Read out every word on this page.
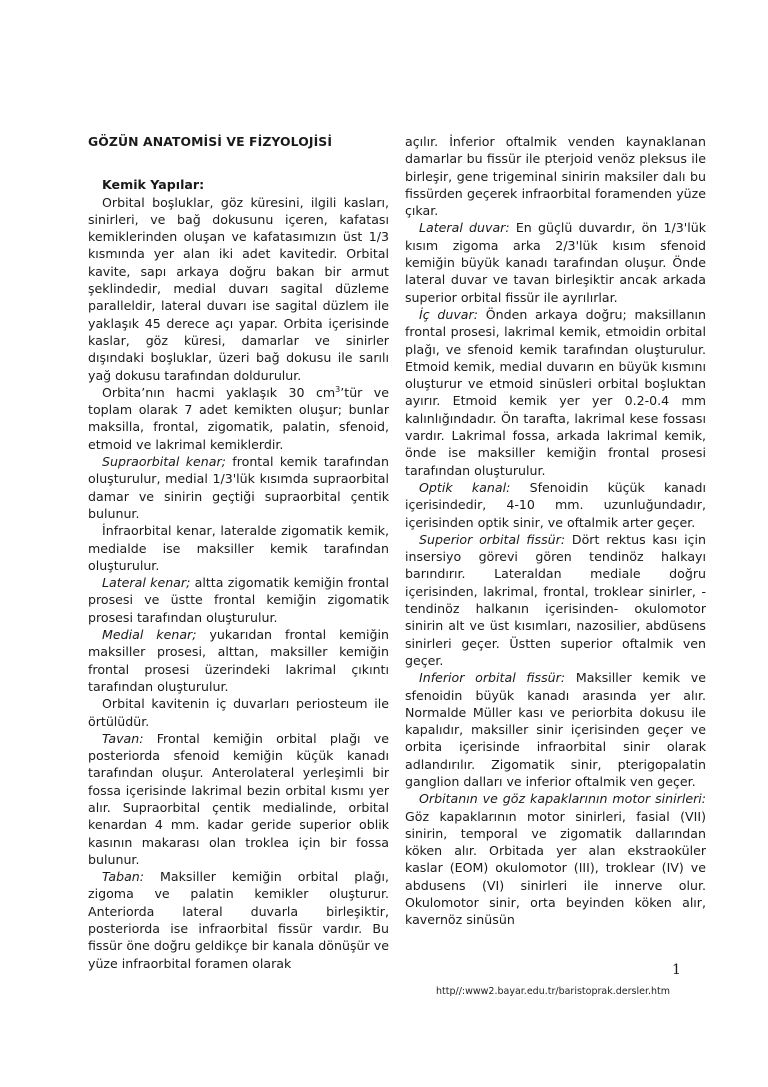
GÖZÜN ANATOMİSİ VE FİZYOLOJİSİ

Kemik Yapılar:

Orbital boşluklar, göz küresini, ilgili kasları, sinirleri, ve bağ dokusunu içeren, kafatası kemiklerinden oluşan ve kafatasımızın üst 1/3 kısmında yer alan iki adet kavitedir. Orbital kavite, sapı arkaya doğru bakan bir armut şeklindedir, medial duvarı sagital düzleme paralleldir, lateral duvarı ise sagital düzlem ile yaklaşık 45 derece açı yapar. Orbita içerisinde kaslar, göz küresi, damarlar ve sinirler dışındaki boşluklar, üzeri bağ dokusu ile sarılı yağ dokusu tarafından doldurulur.

Orbita’nın hacmi yaklaşık 30 $cm^3’tür$ ve toplam olarak 7 adet kemikten oluşur; bunlar maksilla, frontal, zigomatik, palatin, sfenoid, etmoid ve lakrimal kemiklerdir.

Supraorbital kenar; frontal kemik tarafından oluşturulur, medial 1/3'lük kısımda supraorbital damar ve sinirin geçtiği supraorbital çentik bulunur.

İnfraorbital kenar, lateralde zigomatik kemik, medialde ise maksiller kemik tarafından oluşturulur.

Lateral kenar; altta zigomatik kemiğin frontal prosesi ve üstte frontal kemiğin zigomatik prosesi tarafından oluşturulur.

Medial kenar; yukarıdan frontal kemiğin maksiller prosesi, alttan, maksiller kemiğin frontal prosesi üzerindeki lakrimal çıkıntı tarafından oluşturulur.

Orbital kavitenin iç duvarları periosteum ile örtülüdür.

Tavan: Frontal kemiğin orbital plağı ve posteriorda sfenoid kemiğin küçük kanadı tarafından oluşur. Anterolateral yerleşimli bir fossa içerisinde lakrimal bezin orbital kısmı yer alır. Supraorbital çentik medialinde, orbital kenardan 4 mm. kadar geride superior oblik kasının makarası olan troklea için bir fossa bulunur.

Taban: Maksiller kemiğin orbital plağı, zigoma ve palatin kemikler oluşturur. Anteriorda lateral duvarla birleşiktir, posteriorda ise infraorbital fissür vardır. Bu fissür öne doğru geldikçe bir kanala dönüşür ve yüze infraorbital foramen olarak

açılır. İnferior oftalmik venden kaynaklanan damarlar bu fissür ile pterjoid venöz pleksus ile birleşir, gene trigeminal sinirin maksiler dalı bu fissürden geçerek infraorbital foramenden yüze çıkar.

Lateral duvar: En güçlü duvardır, ön 1/3'lük kısım zigoma arka 2/3'lük kısım sfenoid kemiğin büyük kanadı tarafından oluşur. Önde lateral duvar ve tavan birleşiktir ancak arkada superior orbital fissür ile ayrılırlar.

İç duvar: Önden arkaya doğru; maksillanın frontal prosesi, lakrimal kemik, etmoidin orbital plağı, ve sfenoid kemik tarafından oluşturulur. Etmoid kemik, medial duvarın en büyük kısmını oluşturur ve etmoid sinüsleri orbital boşluktan ayırır. Etmoid kemik yer yer 0.2-0.4 mm kalınlığındadır. Ön tarafta, lakrimal kese fossası vardır. Lakrimal fossa, arkada lakrimal kemik, önde ise maksiller kemiğin frontal prosesi tarafından oluşturulur.

Optik kanal: Sfenoidin küçük kanadı içerisindedir, 4-10 mm. uzunluğundadır, içerisinden optik sinir, ve oftalmik arter geçer.

Superior orbital fissür: Dört rektus kası için insersiyo görevi gören tendinöz halkayı barındırır. Lateraldan mediale doğru içerisinden, lakrimal, frontal, troklear sinirler, -tendinöz halkanın içerisinden- okulomotor sinirin alt ve üst kısımları, nazosilier, abdüsens sinirleri geçer. Üstten superior oftalmik ven geçer.

Inferior orbital fissür: Maksiller kemik ve sfenoidin büyük kanadı arasında yer alır. Normalde Müller kası ve periorbita dokusu ile kapalıdır, maksiller sinir içerisinden geçer ve orbita içerisinde infraorbital sinir olarak adlandırılır. Zigomatik sinir, pterigopalatin ganglion dalları ve inferior oftalmik ven geçer.

Orbitanın ve göz kapaklarının motor sinirleri: Göz kapaklarının motor sinirleri, fasial (VII) sinirin, temporal ve zigomatik dallarından köken alır. Orbitada yer alan ekstraoküler kaslar (EOM) okulomotor (III), troklear (IV) ve abdusens (VI) sinirleri ile innerve olur. Okulomotor sinir, orta beyinden köken alır, kavernöz sinüsün

1
http//:www2.bayar.edu.tr/baristoprak.dersler.htm
